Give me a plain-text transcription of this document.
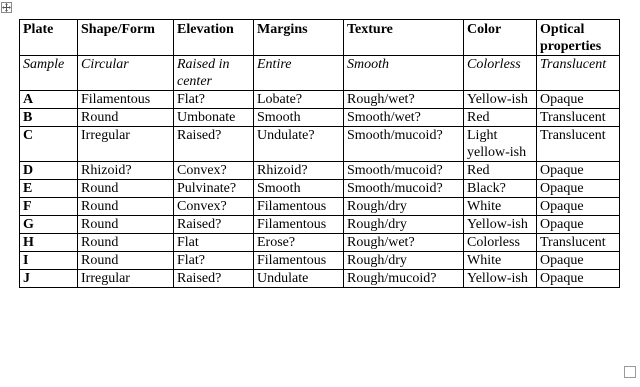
Plate	Shape/Form	Elevation	Margins	Texture	Color	Optical properties
Sample	Circular	Raised in center	Entire	Smooth	Colorless	Translucent
A	Filamentous	Flat?	Lobate?	Rough/wet?	Yellow-ish	Opaque
B	Round	Umbonate	Smooth	Smooth/wet?	Red	Translucent
C	Irregular	Raised?	Undulate?	Smooth/mucoid?	Light yellow-ish	Translucent
D	Rhizoid?	Convex?	Rhizoid?	Smooth/mucoid?	Red	Opaque
E	Round	Pulvinate?	Smooth	Smooth/mucoid?	Black?	Opaque
F	Round	Convex?	Filamentous	Rough/dry	White	Opaque
G	Round	Raised?	Filamentous	Rough/dry	Yellow-ish	Opaque
H	Round	Flat	Erose?	Rough/wet?	Colorless	Translucent
I	Round	Flat?	Filamentous	Rough/dry	White	Opaque
J	Irregular	Raised?	Undulate	Rough/mucoid?	Yellow-ish	Opaque
